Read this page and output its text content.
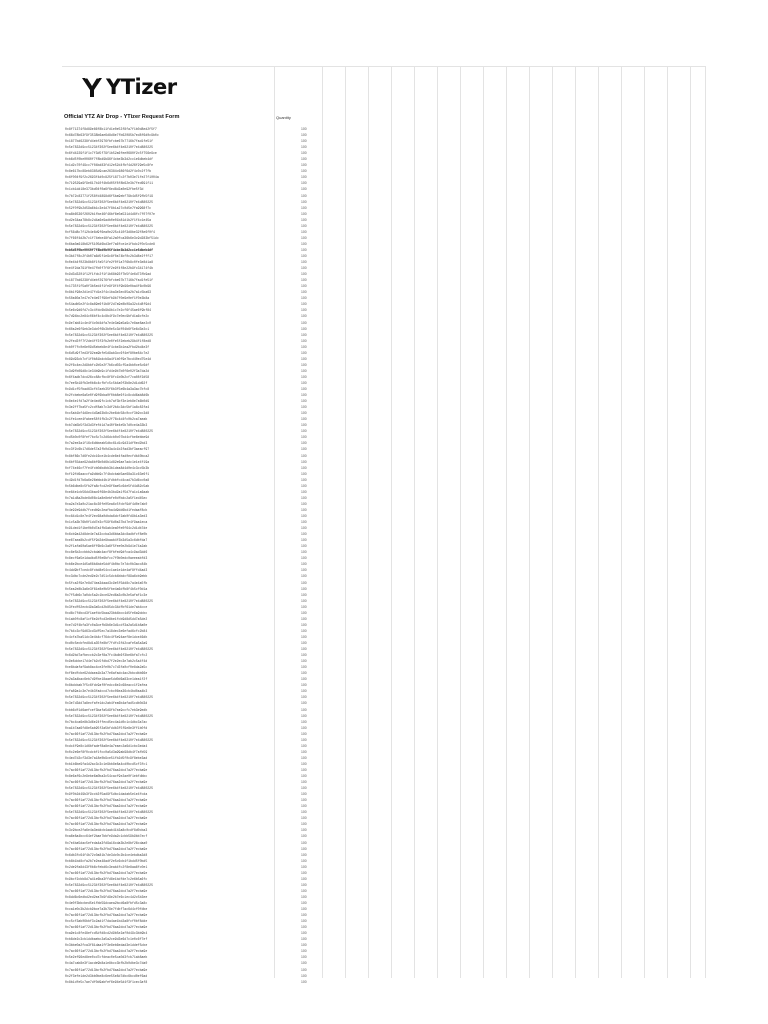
YTizer
Official YTZ Air Drop - YTizer Request Form	Quantity
0x8f71374f8d89e86f8b11fd1e0e53f8fa7f1b0d8ed2f5f7	100
0x66d78b63f9f3538b6ae6d8d8e7fb62085b7ed8f6d0c9b0c	100
0x1877bd6238fd4ebf2976fbfcbe67b7716b7fad1fe51f	100
0x5e7832d9cc51234f302f5ee6b4f4e8210f7e4d880225	100
0x6fd4229f1f1c7f3d5f79f1b52a6fee0680f2c5f756e9ce	100
0xb6d5f0be0060f7f8bd9b96f4cbe3b3d2cc1e6dbeb4df	100
0x1d2c70f49cc7f04bd83fd12e52d4fbf4d26f29e5c8fe	100
0x8e617bc89eb8385d9cae26384c686f6d2f4c0c2f7fb	100
0x6f004f9f2c2693f4d0c825f1877c2f7b03e71fe27f1004a	100
0x719529a9f9e617b10f4b6d05f8f8b62e3b7fed691f11	100
0x1cb1dd18e373bd04f0a6f6ed8d2a0e92fbe5f3d	100
0x7b72c83771f258fd4898d6f5ba9ebf79b4d5f9fb5f19	100
0x5e7832d9cc51234f302f5ee6b4f4e8210f7e4d880225	100
0x52f0f9b2d59a6b1c3e4d7f8b1a27c0d5e7fa9968f7c	100
0xa8b6536f2602b1fbe46f46bf6e0a531d4d8fc7f07f07e	100
0xd2e34aa78b8c2d4a6e9adb0e01b81d1b2f1f4c1e45a	100
0x5e7832d9cc51234f302f5ee6b4f4e8210f7e4d880225	100
0xf56d8c7f12b4e8d9f6ea0e225c410f3d8be32f8e6f0f4	100
0x7f66f4d2b7c1f74ebe48fa12a0fca36b6e3c9d283bf51dc	100
0x6ba0a618b62f5105d6bd3ef7a6fce1e1fbdc2f0c5cde8	100
0xb6d5f0be0060f7f8bd9b96f4cbe3b3d2cc1e6dbeb4df	100
0x3b47f8c2f4b07a6d5f1e9c8f0a74bf0c2b3d8e2fff17	100
0x0e4b4f023b8b8f1fa5f1fe2f0f1a7f6b8c0fe3e8d1a8	100
0xe4f2da791f0e47fb0f7f6f2e9f4f8e22b9fc34174f4b	100
0x9d3d3201f12f1fdc2f1f1b68b93f7b5f4e6d73fb9ad	100
0x1877bd6238fd4ebf2976fbfcbe67b7716b7fad1fe51f	100
0x1735f1f5a0f3b5ed4f1fe9f9f4f9b96e0ba4f6c0b96	100
0x8b1f98e2d1e47fd1e2f4c1ba3e3ec85a2b7a1c5ba63	100
0x50a60a7e47e7e4e67f96efb9b7f0e9e0ef1f0e3b8a	100
0x54adb5e2f4c8a89e6f1b8f2d7a9e8b09a32c4d8f9d4	100
0x5e6c9d6fd7c3c4fdc6b9b9b1c7e2cf6f45ae6f9bf84	100
0x7d94bc2e84c06bf4c4c8b4f9c7e0ec9bfd1a6cfe2c	100
0x9e7ab81c4e4f4c0d4dfa7e4e3a9a5a9c7e8ae8ae2c0	100
0x60a2e6f9eb3e3dc0f6b3b0e5c3df04b6f5e6d3e2c1	100
0x5e7832d9cc51234f302f5ee6b4f4e8210f7e4d880225	100
0x2fed3ff7f2de4ff3f3fb2e0fe5f2ebeb29b4f1f8ed8	100
0xb0f7fc0e6e09d5ebeb8e4f4cbe3b1ea2fbd2bd4e3f	100
0x6d5d9f7ed3f92ea9bfe5d9ab3cc6f4ef80be84c7e2	100
0x89d93cb7cf1f0b81bdcb9a4f1b0f9e7bcd40ed75e4d	100
0x2f6c4ec2d9bbfc2b5e2f7b6cd03cf5a4bb0ce5c6df	100
0x3d9fb09d8c1e34b9b9c1fd4e9b7b0f6e02f3a7da2d	100
0x6f4adb7dcd26cc88cfbc8f8fc1b0b2cf7ca08f2d58	100
0x7ee5b18fb3e0b6c4cfbfc5c5b4a0f3b8e2d1dd62f	100
0x9d1cf5fbad63cfb7aeb35f6b3f5e6b4a3a3ac7bfc8	100
0x2fcbebe6a5e0fd9f6bba0f0bb8e6f1c8cdd6ab8d6b	100
0x8e4e1fd7a2f4e4ed9fc1cb7af3bf3e1eb8e7a6b0d9	100
0x3e2ff7ba5fc2cdf8ab7c3df2b4c3dc5bf1a8c83fa4	100
0xc5ab1bf4d9ec4d3a63b8c2be6dc58c0ccf3b9cc3d8	100
0x1fe1cee4fabee58f4fb3c2f76c4d4fc0b2ca7aeab	100
0xb7da5b5f3d3d3fefd1d7a40f8e4e5b7d0ce4a33b3	100
0x5e7832d9cc51234f302f5ee6b4f4e8210f7e4d880225	100
0xd5b0c0f8fef7bc5c7c2d6dcb0c07bd4cfbe6ebbe9d	100
0x7a2ee3a1f16c6dbbeab5dbc61d1c9d31df0ed2bd3	100
0xc3f2c6b17d6de57a3fb0d3a4c1b3fad3bf3aeacf97	100
0x8bf86c7d6fe2dc16ce1b4cde8e4fad0ecfdb40bca2	100
0x6bf55dae92da8bf6b0d6b1d82e6ae7adc1e1e4f19a	100
0xf74e46cf7fe4fcb0dbdbb3b1dea8d4d0e4c3cc5b3b	100
0xf19fd6aaccfa9dbb9c7f4bdcbab5ae68a31c63e6f1	100
0x49d1fd7b6a6e26ebbd4b1fdbbfcd4cad7b3d6cc0a8	100
0x5b6dbe8c5fb2fa8cfcd2e9f6ae5c6de5fd4d82c5ab	100
0xe84e1cb56dd3bac6f68e4b3bd2a1f5d7fa1c1a6aab	100
0x7a1d8a2bde8d08c1a8e8ebfe0dfbdc2a5f1ed45ec	100
0xa2a7e3a0c21ac8c30fe05ea6c5fcbf9df4d0e7ab0	100
0x4e92e9ddb7fcedb9c2eafba4d9dd6bd1fedaaf8cb	100
0xc84d1c8e7e4f2ec68a0dbda6dcf2ab0fd9b1a3ed3	100
0x1c5a3b76b0f1dd7e3cf59f6d0a37bd7e4f9aa1eca	100
0x91ded1f1be0b0d7a4fb9ab4ea0fe0f64c2d1db7de	100
0x6cb9a42d8de4e7a43ccba3d6bba3dc8adbfcf8e0b	100
0xe67aea8b2cdf5f9d2de9baab4f3b3d5a3c6dbfda7	100
0x2f1afa60a5ae8ff6b6c3a6f5fee0e2b9d1e74a2ab	100
0xc8e5b2ccbbb2cbdab4acf8fbfed9dfca4c9ad3dd6	100
0x8ecf6a5e1dadbd5f0e6bfcc7f0b0edc0aeeeabfd3	100
0xb6e2bce4d5a08b4bde5ddf4b0bc7e7dc0b3acc84b	100
0x4dd9bf7cedc8fcbd8e54cc1ae1e1de4af8ffd4ad3	100
0xc3dbc7cde2ed9e2c7d51c5dcb4bbdcf89a6cb9ebb	100
0x5fca3f9e7e8d74ea3daad3c9e5f5dd8c7a4e4a5fb	100
0x5ea2e8b3a6e3f61e8e0b5fbe4a6dfb8f4b5cf0d1a	100
0x7f5db6c7a0dc5a2c1bce92ed6a3c0b2e5afaf1c3e	100
0x5e7832d9cc51234f302f5ee6b4f4e8210f7e4d880225	100
0x3fedf02ecb49a3a5cd2b85dc34dfbf61de7ab4cce	100
0xd8c7fdbcd3f1aefdc5baa23bb4bcc4d5fe6a9dcbc	100
0x1ab0fc8af1cf6e2dfcd3e8be1fcb9d8d5dd7a5de2	100
0xe7d2f4bfa3fc0a3cefb9b6e3d1cdf3a2a5d1b8a0e	100
0x7b4c3cf9d63cd3df5ec7a18dec3e6efad6cfc2b84	100
0x4cfa7ba51dc3e4b4cf76dc4f5e94aef8e1dce46db	100
0xd0c5ecbfed8d1a35fe8bf7fdfc3fd2cafe5a5a3a9	100
0x5e7832d9cc51234f302f5ee6b4f4e8210f7e4d880225	100
0x6d2bd7afbeccb2c3ef8a7fc4bdb6f3be6bfa7cfc2	100
0x9e8dcbe17d4e7b2c5fdbd7f2e2ec3e7ab2c5a4f4d	100
0xe8bdafaf9ab8ac4ce3fe0b7c7d3fa0cf0e8da2a5c	100
0xf6edfcbe62ddaea1b3a77e6afadc4ac2bbcdbb66e	100
0x2a3a4bac6eb7d9fbe18aae5dd0d6a83ce1dea1f2f	100
0x8bdcbab7f5c6fdc9af0fedcc6e2c68eacc1f2afea	100
0xfa89a1c3e7e4b3fadccd7cbc06ea36cb4bd0aa4b3	100
0x5e7832d9cc51234f302f5ee6b4f4e8210f7e4d880225	100
0x3e7d3dd7a8ecfafe1dc2ab4fea6b4afad5cdb0d3d	100
0xbb6df1d6aefcef3bafa5d9fb7ea9ccfc7eb3e9edb	100
0x5e7832d9cc51234f302f5ee6b4f4e8210f7e4d880225	100
0x7bc4ca6e8b3d6e24ffecd5ec4a1d0c1c4dbc3a7ac	100
0xa1b7aa6fd8e5ab95f2a5bfddb3f5f9e8e3ff1b0fd	100
0x7ac66f1af72d13bcfb2fbd76aa2dcd7a2f7ecba9e	100
0x5e7832d9cc51234f302f5ee6b4f4e8210f7e4d880225	100
0xdc4f9e8c1d6bfadef8a8e4a7eaec2a6d1cbc3eda4	100
0x0c2e6ef8f0cdcbf1fcc0a5d3a99ab98db4f7afb59	100
0x4ed7d2cf3d3e7a18e0b9ce51fb2d5f0c9f8ebe3ad	100
0xb1b6be9fa4d2ac3c3c1e9bb8e8a4cd0bcd5cf3fc1	100
0x7ac66f1af72d13bcfb2fbd76aa2dcd7a2f7ecba9e	100
0x8e6af6c2e9ebe6a0ba3c54cacf9e2ae0f1ebfdbbc	100
0x7ac66f1af72d13bcfb2fbd76aa2dcd7a2f7ecba9e	100
0x5e7832d9cc51234f302f5ee6b4f4e8210f7e4d880225	100
0x9f0b2d49b3f9ccb3f5ad9f5dbc1dadab5e1e4fcda	100
0x7ac66f1af72d13bcfb2fbd76aa2dcd7a2f7ecba9e	100
0x7ac66f1af72d13bcfb2fbd76aa2dcd7a2f7ecba9e	100
0x5e7832d9cc51234f302f5ee6b4f4e8210f7e4d880225	100
0x7ac66f1af72d13bcfb2fbd76aa2dcd7a2f7ecba9e	100
0x7ac66f1af72d13bcfb2fbd76aa2dcd7a2f7ecba9e	100
0x3c9bce2fa6e4a3eddcb4aab41b3a8c0cdf8d0cba3	100
0xa6e8a4bcc64ef2bae7bbfe9da2c1cbb59b9bb7ecf	100
0x7e4ba5dac5efeda4a3fd9a16cda3b2e8bf26cdaa0	100
0x7ac66f1af72d13bcfb2fbd76aa2dcd7a2f7ecba9e	100
0x6db3fc64f4b72c0a81b7de3dc0c2b4ce4ebdba3d8	100
0xb8b1bd8cfa2b7e2ea48adf2e5c6cb4f1bdd5f0bd5	100
0x2de9fa8d43f0b6cfebd6c3eab4fc2f8e8aa6fc0e1	100
0x7ac66f1af72d13bcfb2fbd76aa2dcd7a2f7ecba9e	100
0x9bcf2cbb8d7a41e6ba3ffd8e1bdfde7c2e6b5a6fc	100
0x5e7832d9cc51234f302f5ee6b4f4e8210f7e4d880225	100
0x7ac66f1af72d13bcfb2fbd76aa2dcd7a2f7ecba9e	100
0x8dd6c6edbd2ed2ea7b9fd9e2b7e6c1ec4d2c5b3ee	100
0x4e0f3bbcbed5e1fbb59dcaea2bcd6a8fbfd5c3a8c	100
0xca1e0c3b2dcb9bce7a3b79e7fdbf7ac6d4cf0fdbe	100
0x7ac66f1af72d13bcfb2fbd76aa2dcd7a2f7ecba9e	100
0xc5cf3ab06bbf3c2ad1f7da4ae1bd2a8fcf0bf8dde	100
0x7ac66f1af72d13bcfb2fbd76aa2dcd7a2f7ecba9e	100
0xa9e1c8fe48efcd5dfd8cd2d9b5e2af0d49c3bb9b4	100
0xb8de2c3cb1ddbaebc2a5a2ce9d3e6d7c1e0c6f7ef	100
0x3bbe0a2fca3f81daa1ff3e8eb6edad3e1ddef5cbe	100
0x7ac66f1af72d13bcfb2fbd76aa2dcd7a2f7ecba9e	100
0x5e2ef96ed8ee0cd7cfdeac0e5ca0d3fcb71ab8aeb	100
0x4a7cab8e3f1acde9b8a1e8bcc3bfb2b0dbe3c7da0	100
0x7ac66f1af72d13bcfb2fbd76aa2dcd7a2f7ecba9e	100
0x2f3efe1de2d3bb0be8c6ee55e8d7dbc6bcd0ef6ad	100
0x8b1dfe5c7ae7df0d9abfef6e94e5d4f3f1cec3af8	100
